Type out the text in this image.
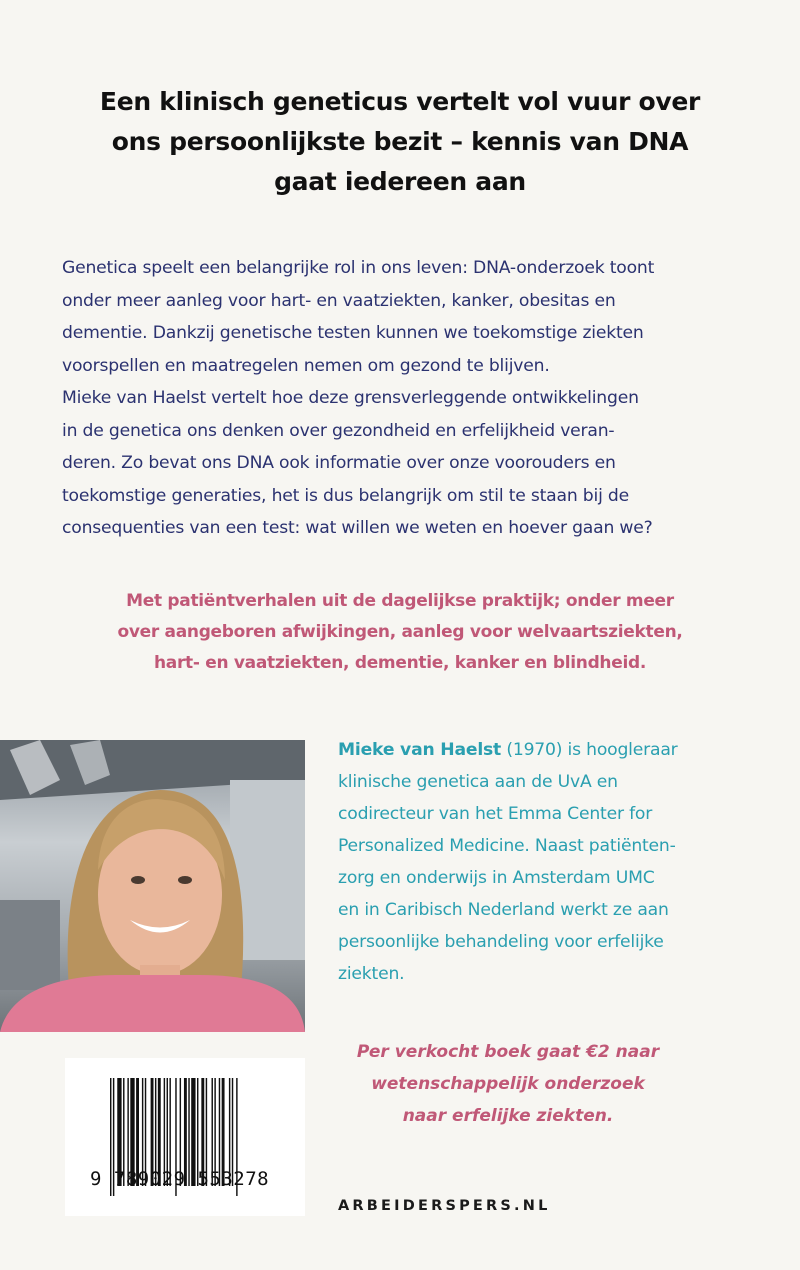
Een klinisch geneticus vertelt vol vuur over
ons persoonlijkste bezit – kennis van DNA
gaat iedereen aan
Genetica speelt een belangrijke rol in ons leven: DNA-onderzoek toont
onder meer aanleg voor hart- en vaatziekten, kanker, obesitas en
dementie. Dankzij genetische testen kunnen we toekomstige ziekten
voorspellen en maatregelen nemen om gezond te blijven.
Mieke van Haelst vertelt hoe deze grensverleggende ontwikkelingen
in de genetica ons denken over gezondheid en erfelijkheid veran-
deren. Zo bevat ons DNA ook informatie over onze voorouders en
toekomstige generaties, het is dus belangrijk om stil te staan bij de
consequenties van een test: wat willen we weten en hoever gaan we?
Met patiëntverhalen uit de dagelijkse praktijk; onder meer
over aangeboren afwijkingen, aanleg voor welvaartsziekten,
hart- en vaatziekten, dementie, kanker en blindheid.
Mieke van Haelst (1970) is hoogleraar
klinische genetica aan de UvA en
codirecteur van het Emma Center for
Personalized Medicine. Naast patiënten-
zorg en onderwijs in Amsterdam UMC
en in Caribisch Nederland werkt ze aan
persoonlijke behandeling voor erfelijke
ziekten.
Per verkocht boek gaat €2 naar
wetenschappelijk onderzoek
naar erfelijke ziekten.
9 789029 553278
ARBEIDERSPERS.NL
